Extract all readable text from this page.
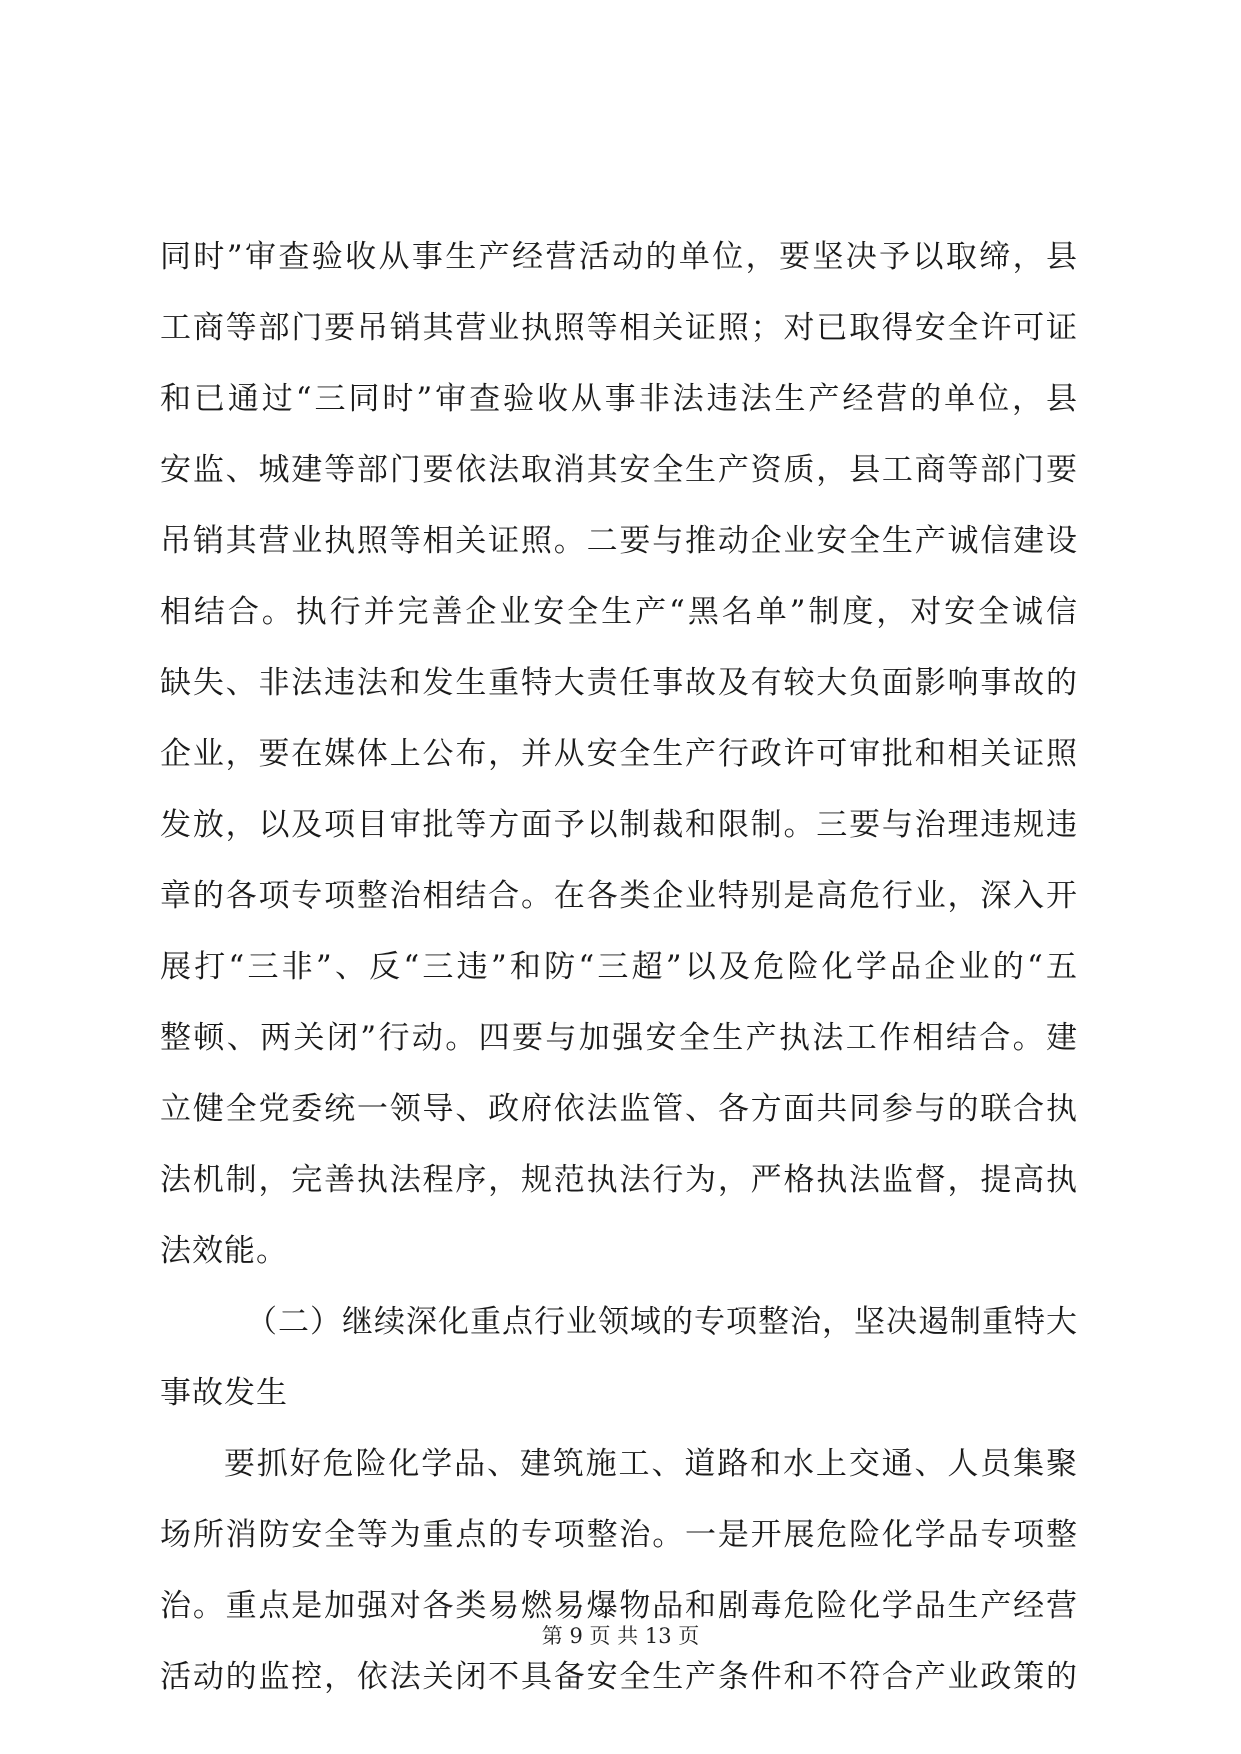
同时”审查验收从事生产经营活动的单位，要坚决予以取缔，县
工商等部门要吊销其营业执照等相关证照；对已取得安全许可证
和已通过“三同时”审查验收从事非法违法生产经营的单位，县
安监、城建等部门要依法取消其安全生产资质，县工商等部门要
吊销其营业执照等相关证照。二要与推动企业安全生产诚信建设
相结合。执行并完善企业安全生产“黑名单”制度，对安全诚信
缺失、非法违法和发生重特大责任事故及有较大负面影响事故的
企业，要在媒体上公布，并从安全生产行政许可审批和相关证照
发放，以及项目审批等方面予以制裁和限制。三要与治理违规违
章的各项专项整治相结合。在各类企业特别是高危行业，深入开
展打“三非”、反“三违”和防“三超”以及危险化学品企业的“五
整顿、两关闭”行动。四要与加强安全生产执法工作相结合。建
立健全党委统一领导、政府依法监管、各方面共同参与的联合执
法机制，完善执法程序，规范执法行为，严格执法监督，提高执
法效能。
（二）继续深化重点行业领域的专项整治，坚决遏制重特大
事故发生
要抓好危险化学品、建筑施工、道路和水上交通、人员集聚
场所消防安全等为重点的专项整治。一是开展危险化学品专项整
治。重点是加强对各类易燃易爆物品和剧毒危险化学品生产经营
活动的监控，依法关闭不具备安全生产条件和不符合产业政策的
第 9 页 共 13 页
